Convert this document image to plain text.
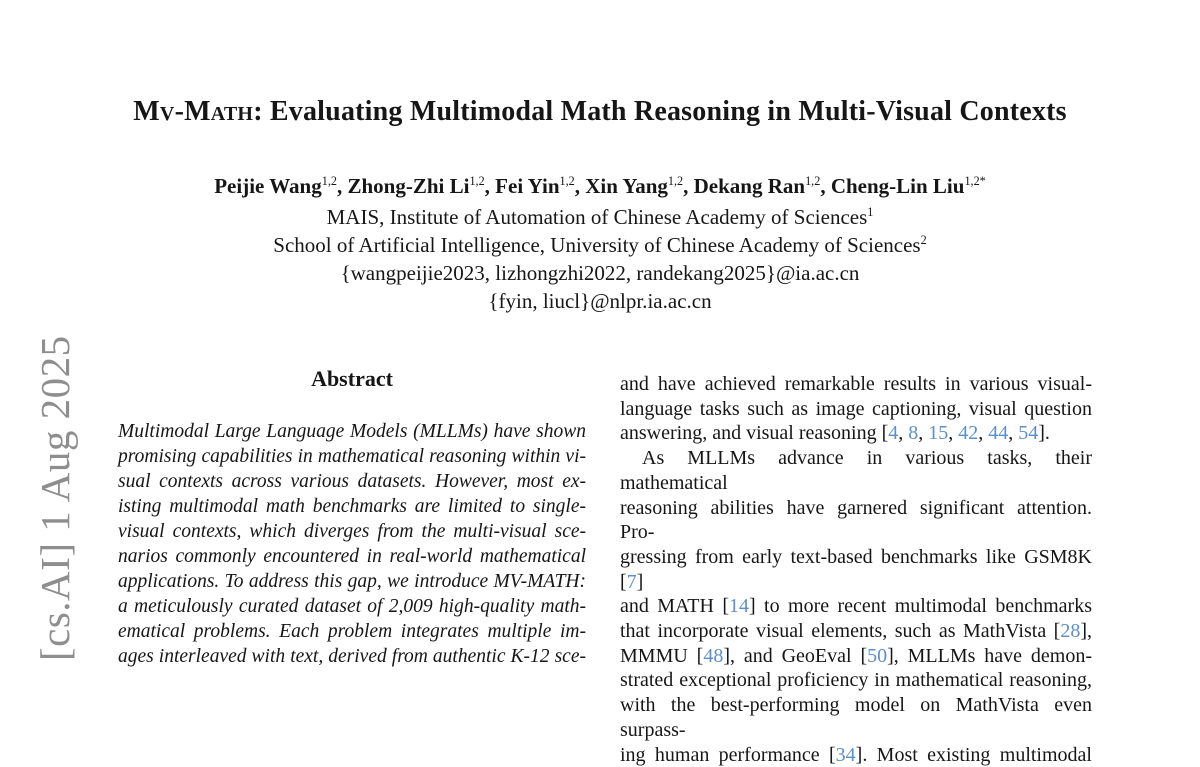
[cs.AI] 1 Aug 2025
Mv-Math: Evaluating Multimodal Math Reasoning in Multi-Visual Contexts
Peijie Wang$^{1,2}$, Zhong-Zhi Li$^{1,2}$, Fei Yin$^{1,2}$, Xin Yang$^{1,2}$, Dekang Ran$^{1,2}$, Cheng-Lin Liu$^{1,2*}$
MAIS, Institute of Automation of Chinese Academy of Sciences$^1$
School of Artificial Intelligence, University of Chinese Academy of Sciences$^2$
{wangpeijie2023, lizhongzhi2022, randekang2025}@ia.ac.cn
{fyin, liucl}@nlpr.ia.ac.cn
Abstract
Multimodal Large Language Models (MLLMs) have shown
promising capabilities in mathematical reasoning within vi-
sual contexts across various datasets. However, most ex-
isting multimodal math benchmarks are limited to single-
visual contexts, which diverges from the multi-visual sce-
narios commonly encountered in real-world mathematical
applications. To address this gap, we introduce MV-MATH:
a meticulously curated dataset of 2,009 high-quality math-
ematical problems. Each problem integrates multiple im-
ages interleaved with text, derived from authentic K-12 sce-
and have achieved remarkable results in various visual-
language tasks such as image captioning, visual question
answering, and visual reasoning [4, 8, 15, 42, 44, 54].
As MLLMs advance in various tasks, their mathematical
reasoning abilities have garnered significant attention. Pro-
gressing from early text-based benchmarks like GSM8K [7]
and MATH [14] to more recent multimodal benchmarks
that incorporate visual elements, such as MathVista [28],
MMMU [48], and GeoEval [50], MLLMs have demon-
strated exceptional proficiency in mathematical reasoning,
with the best-performing model on MathVista even surpass-
ing human performance [34]. Most existing multimodal
